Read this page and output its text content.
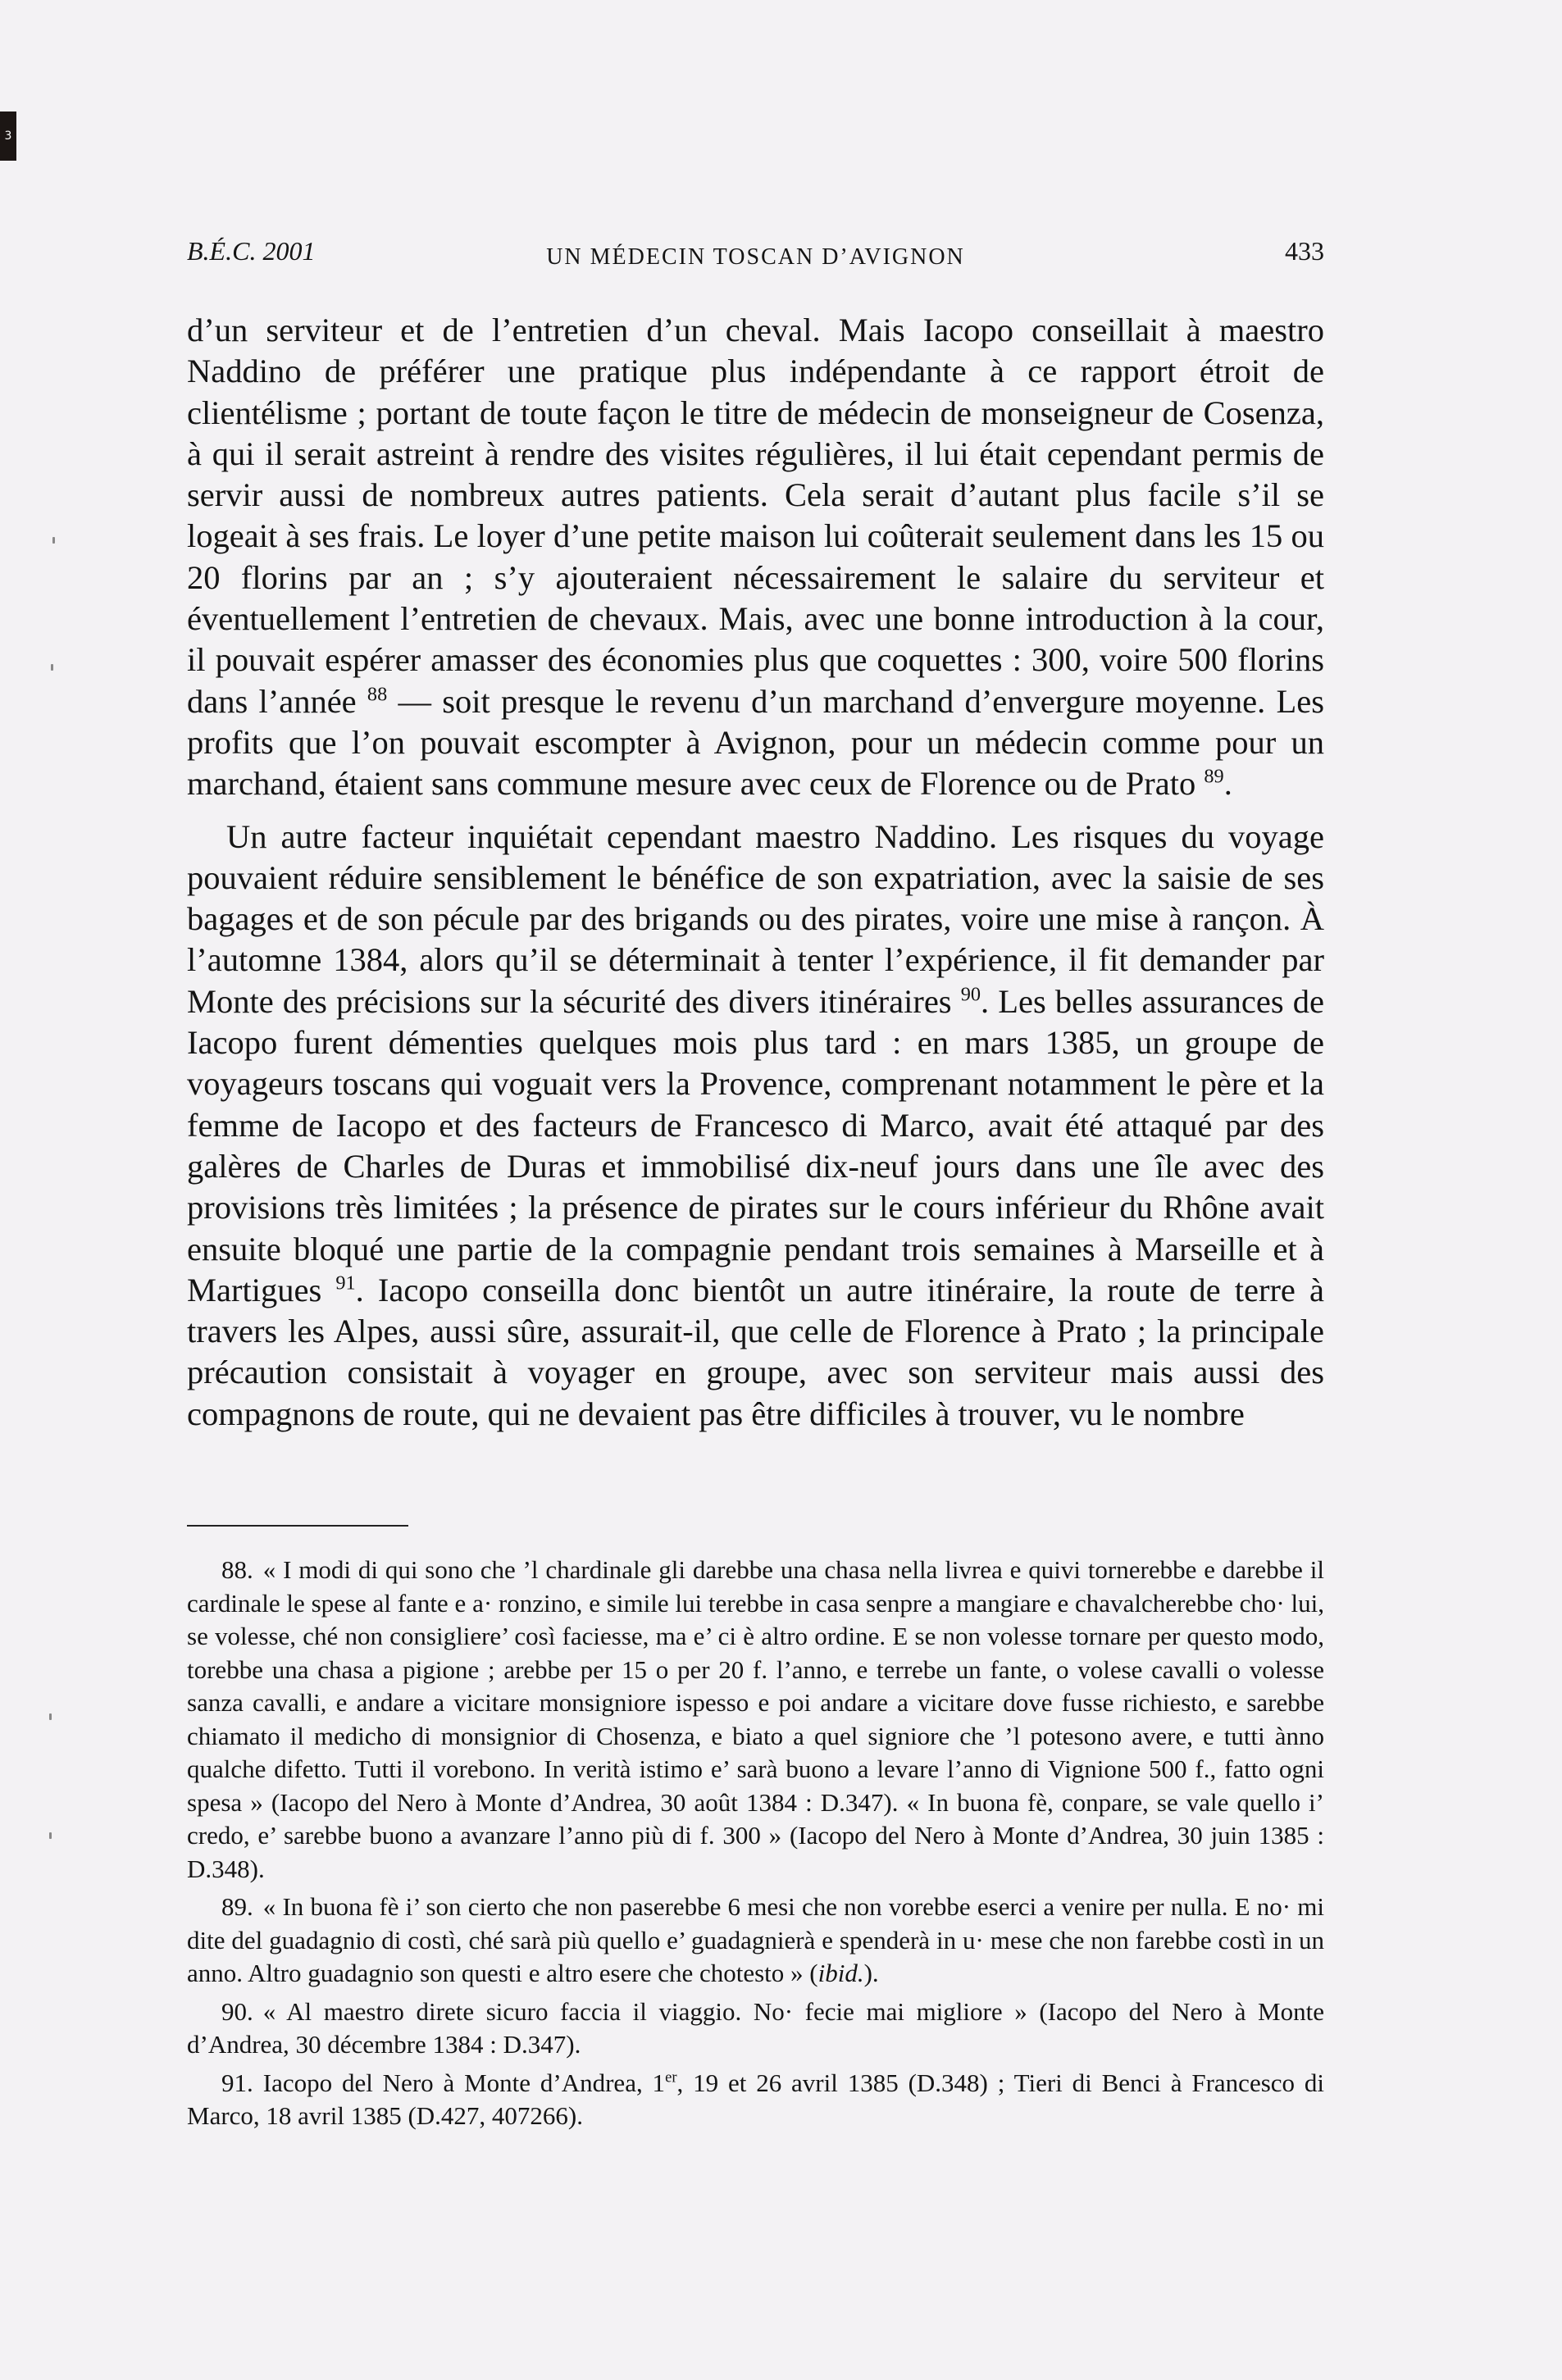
3
B.É.C. 2001	UN MÉDECIN TOSCAN D’AVIGNON	433

d’un serviteur et de l’entretien d’un cheval. Mais Iacopo conseillait à maestro Naddino de préférer une pratique plus indépendante à ce rapport étroit de clientélisme ; portant de toute façon le titre de médecin de monseigneur de Cosenza, à qui il serait astreint à rendre des visites régulières, il lui était cependant permis de servir aussi de nombreux autres patients. Cela serait d’autant plus facile s’il se logeait à ses frais. Le loyer d’une petite maison lui coûterait seulement dans les 15 ou 20 florins par an ; s’y ajouteraient nécessairement le salaire du serviteur et éventuellement l’entretien de chevaux. Mais, avec une bonne introduction à la cour, il pouvait espérer amasser des économies plus que coquettes : 300, voire 500 florins dans l’année $^{88}$ — soit presque le revenu d’un marchand d’envergure moyenne. Les profits que l’on pouvait escompter à Avignon, pour un médecin comme pour un marchand, étaient sans commune mesure avec ceux de Florence ou de Prato $^{89}$.

Un autre facteur inquiétait cependant maestro Naddino. Les risques du voyage pouvaient réduire sensiblement le bénéfice de son expatriation, avec la saisie de ses bagages et de son pécule par des brigands ou des pirates, voire une mise à rançon. À l’automne 1384, alors qu’il se déterminait à tenter l’expérience, il fit demander par Monte des précisions sur la sécurité des divers itinéraires $^{90}$. Les belles assurances de Iacopo furent démenties quelques mois plus tard : en mars 1385, un groupe de voyageurs toscans qui voguait vers la Provence, comprenant notamment le père et la femme de Iacopo et des facteurs de Francesco di Marco, avait été attaqué par des galères de Charles de Duras et immobilisé dix-neuf jours dans une île avec des provisions très limitées ; la présence de pirates sur le cours inférieur du Rhône avait ensuite bloqué une partie de la compagnie pendant trois semaines à Marseille et à Martigues $^{91}$. Iacopo conseilla donc bientôt un autre itinéraire, la route de terre à travers les Alpes, aussi sûre, assurait-il, que celle de Florence à Prato ; la principale précaution consistait à voyager en groupe, avec son serviteur mais aussi des compagnons de route, qui ne devaient pas être difficiles à trouver, vu le nombre

88. « I modi di qui sono che ’l chardinale gli darebbe una chasa nella livrea e quivi tornerebbe e darebbe il cardinale le spese al fante e a· ronzino, e simile lui terebbe in casa senpre a mangiare e chavalcherebbe cho· lui, se volesse, ché non consigliere’ così faciesse, ma e’ ci è altro ordine. E se non volesse tornare per questo modo, torebbe una chasa a pigione ; arebbe per 15 o per 20 f. l’anno, e terrebe un fante, o volese cavalli o volesse sanza cavalli, e andare a vicitare monsigniore ispesso e poi andare a vicitare dove fusse richiesto, e sarebbe chiamato il medicho di monsignior di Chosenza, e biato a quel signiore che ’l potesono avere, e tutti ànno qualche difetto. Tutti il vorebono. In verità istimo e’ sarà buono a levare l’anno di Vignione 500 f., fatto ogni spesa » (Iacopo del Nero à Monte d’Andrea, 30 août 1384 : D.347). « In buona fè, conpare, se vale quello i’ credo, e’ sarebbe buono a avanzare l’anno più di f. 300 » (Iacopo del Nero à Monte d’Andrea, 30 juin 1385 : D.348).

89. « In buona fè i’ son cierto che non paserebbe 6 mesi che non vorebbe eserci a venire per nulla. E no· mi dite del guadagnio di costì, ché sarà più quello e’ guadagnierà e spenderà in u· mese che non farebbe costì in un anno. Altro guadagnio son questi e altro esere che chotesto » (ibid.).

90. « Al maestro direte sicuro faccia il viaggio. No· fecie mai migliore » (Iacopo del Nero à Monte d’Andrea, 30 décembre 1384 : D.347).

91. Iacopo del Nero à Monte d’Andrea, 1er, 19 et 26 avril 1385 (D.348) ; Tieri di Benci à Francesco di Marco, 18 avril 1385 (D.427, 407266).
